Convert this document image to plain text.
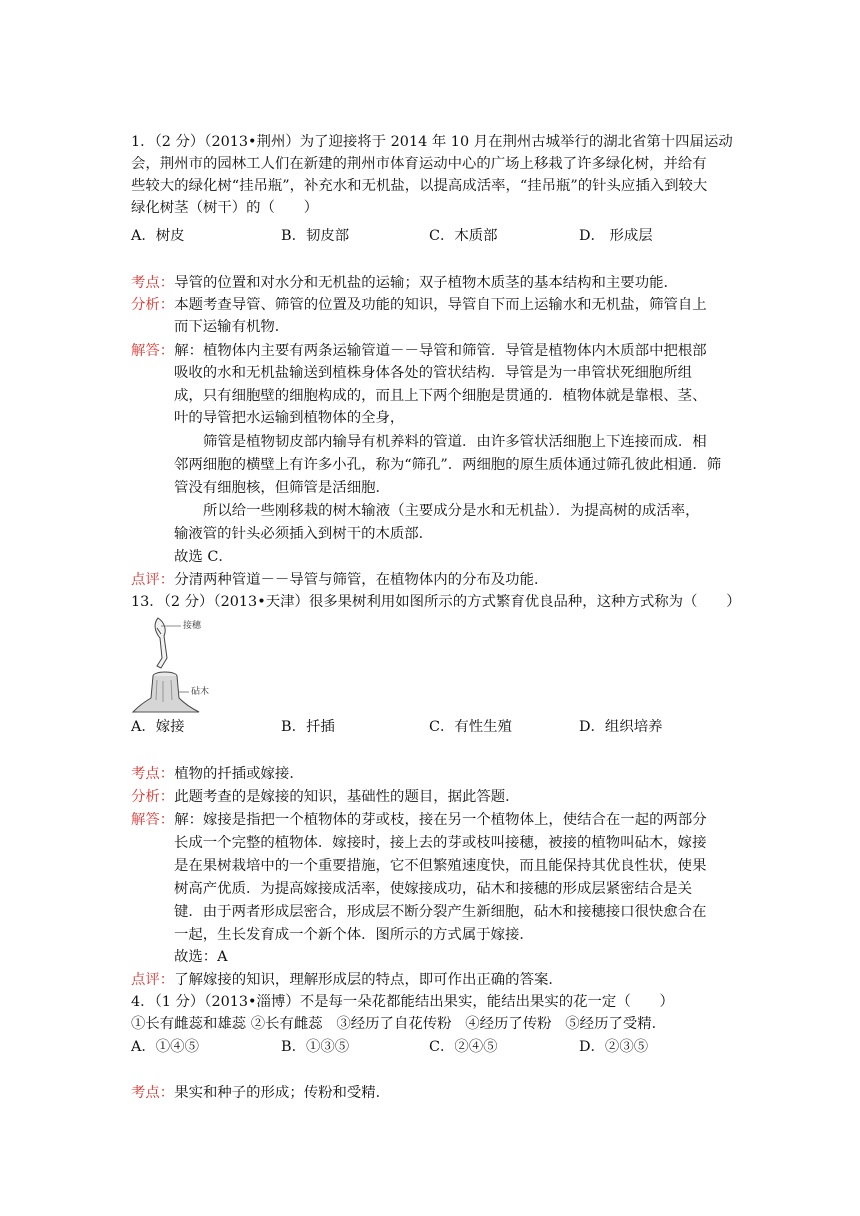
1．（2 分）（2013•荆州）为了迎接将于 2014 年 10 月在荆州古城举行的湖北省第十四届运动
会，荆州市的园林工人们在新建的荆州市体育运动中心的广场上移栽了许多绿化树，并给有
些较大的绿化树“挂吊瓶”，补充水和无机盐，以提高成活率，“挂吊瓶”的针头应插入到较大
绿化树茎（树干）的（　　）
A．树皮	B．韧皮部	C．木质部	D． 形成层
考点：导管的位置和对水分和无机盐的运输；双子植物木质茎的基本结构和主要功能．
分析：本题考查导管、筛管的位置及功能的知识，导管自下而上运输水和无机盐，筛管自上
而下运输有机物．
解答：解：植物体内主要有两条运输管道－－导管和筛管．导管是植物体内木质部中把根部
吸收的水和无机盐输送到植株身体各处的管状结构．导管是为一串管状死细胞所组
成，只有细胞壁的细胞构成的，而且上下两个细胞是贯通的．植物体就是靠根、茎、
叶的导管把水运输到植物体的全身，
筛管是植物韧皮部内输导有机养料的管道．由许多管状活细胞上下连接而成．相
邻两细胞的横壁上有许多小孔，称为“筛孔”．两细胞的原生质体通过筛孔彼此相通．筛
管没有细胞核，但筛管是活细胞．
所以给一些刚移栽的树木输液（主要成分是水和无机盐）．为提高树的成活率，
输液管的针头必须插入到树干的木质部．
故选 C．
点评：分清两种管道－－导管与筛管，在植物体内的分布及功能．
13．（2 分）（2013•天津）很多果树利用如图所示的方式繁育优良品种，这种方式称为（　　）
接穗
砧木
A．嫁接	B．扦插	C．有性生殖	D．组织培养
考点：植物的扦插或嫁接．
分析：此题考查的是嫁接的知识，基础性的题目，据此答题．
解答：解：嫁接是指把一个植物体的芽或枝，接在另一个植物体上，使结合在一起的两部分
长成一个完整的植物体．嫁接时，接上去的芽或枝叫接穗，被接的植物叫砧木，嫁接
是在果树栽培中的一个重要措施，它不但繁殖速度快，而且能保持其优良性状，使果
树高产优质．为提高嫁接成活率，使嫁接成功，砧木和接穗的形成层紧密结合是关
键．由于两者形成层密合，形成层不断分裂产生新细胞，砧木和接穗接口很快愈合在
一起，生长发育成一个新个体．图所示的方式属于嫁接．
故选：A
点评：了解嫁接的知识，理解形成层的特点，即可作出正确的答案．
4．（1 分）（2013•淄博）不是每一朵花都能结出果实，能结出果实的花一定（　　）
①长有雌蕊和雄蕊 ②长有雌蕊   ③经历了自花传粉   ④经历了传粉   ⑤经历了受精．
A．①④⑤	B．①③⑤	C．②④⑤	D．②③⑤
考点：果实和种子的形成；传粉和受精．
